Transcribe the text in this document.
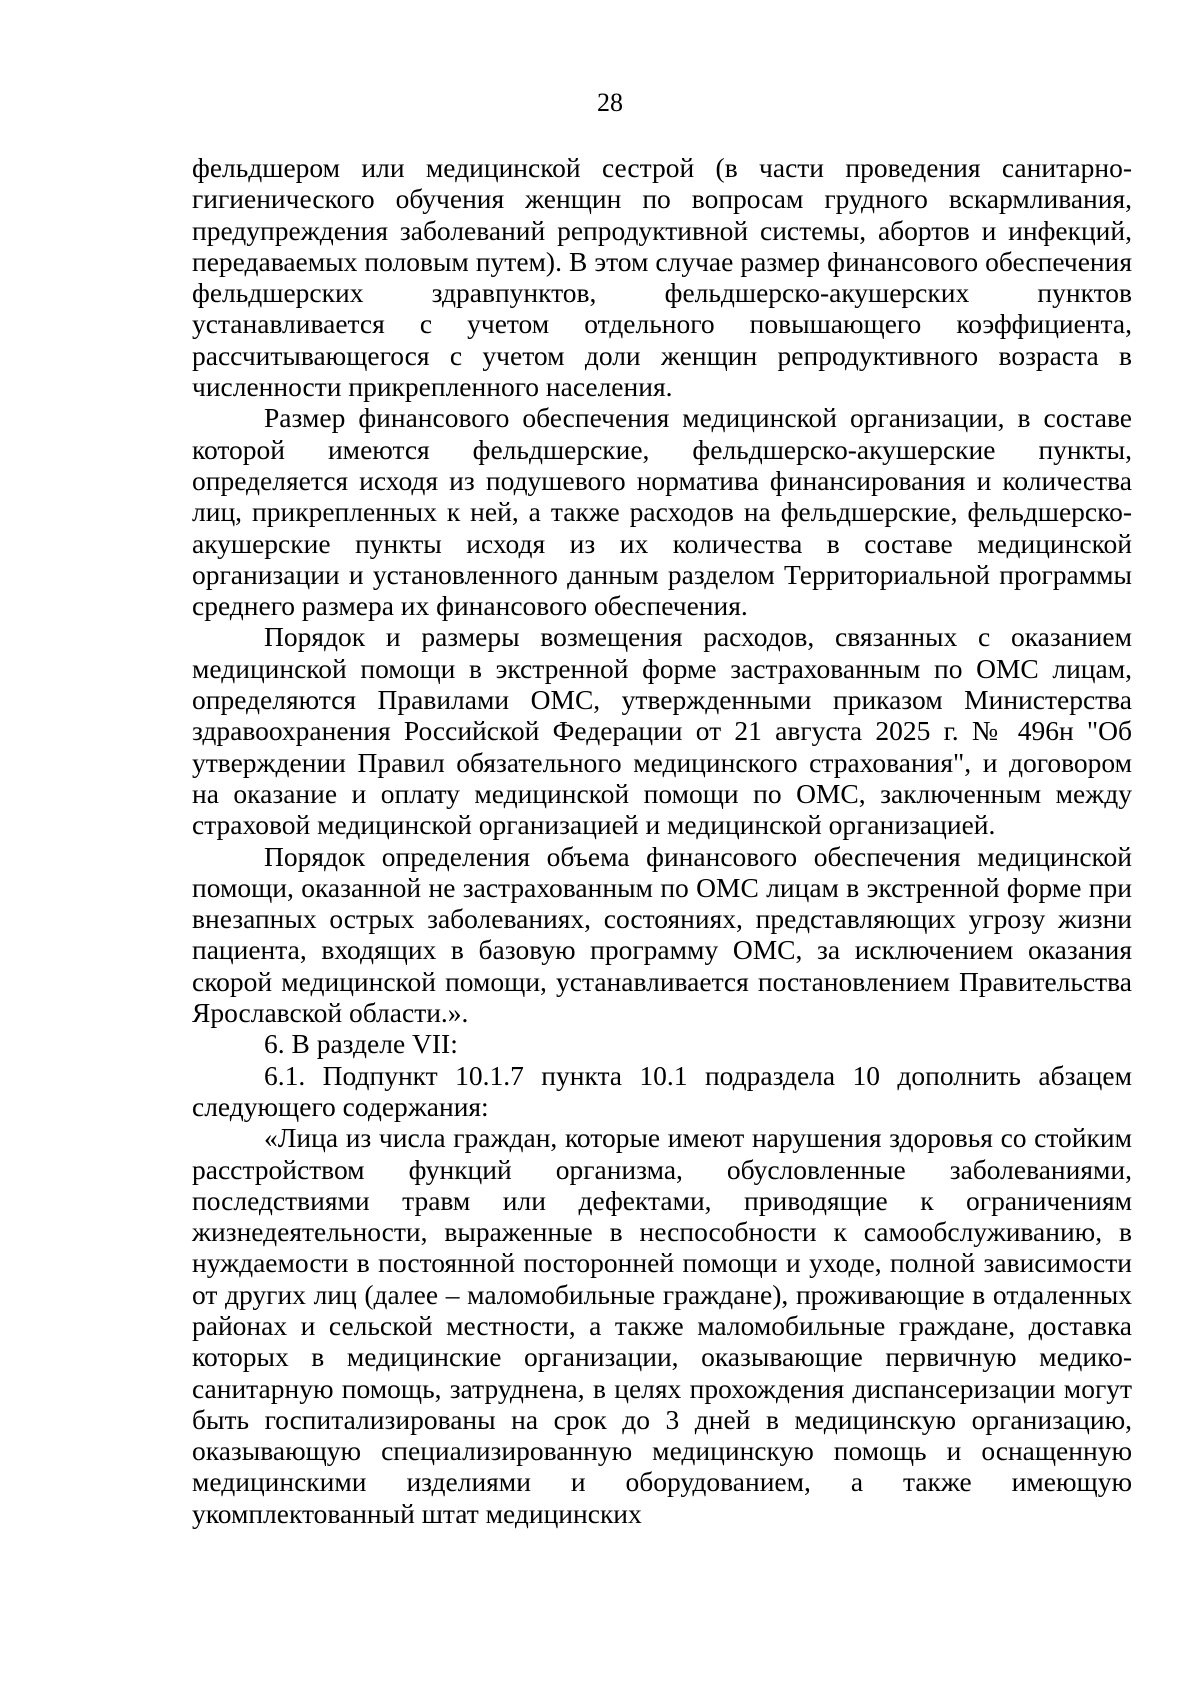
28

фельдшером или медицинской сестрой (в части проведения санитарно-гигиенического обучения женщин по вопросам грудного вскармливания, предупреждения заболеваний репродуктивной системы, абортов и инфекций, передаваемых половым путем). В этом случае размер финансового обеспечения фельдшерских здравпунктов, фельдшерско-акушерских пунктов устанавливается с учетом отдельного повышающего коэффициента, рассчитывающегося с учетом доли женщин репродуктивного возраста в численности прикрепленного населения.

Размер финансового обеспечения медицинской организации, в составе которой имеются фельдшерские, фельдшерско-акушерские пункты, определяется исходя из подушевого норматива финансирования и количества лиц, прикрепленных к ней, а также расходов на фельдшерские, фельдшерско-акушерские пункты исходя из их количества в составе медицинской организации и установленного данным разделом Территориальной программы среднего размера их финансового обеспечения.

Порядок и размеры возмещения расходов, связанных с оказанием медицинской помощи в экстренной форме застрахованным по ОМС лицам, определяются Правилами ОМС, утвержденными приказом Министерства здравоохранения Российской Федерации от 21 августа 2025 г. № 496н "Об утверждении Правил обязательного медицинского страхования", и договором на оказание и оплату медицинской помощи по ОМС, заключенным между страховой медицинской организацией и медицинской организацией.

Порядок определения объема финансового обеспечения медицинской помощи, оказанной не застрахованным по ОМС лицам в экстренной форме при внезапных острых заболеваниях, состояниях, представляющих угрозу жизни пациента, входящих в базовую программу ОМС, за исключением оказания скорой медицинской помощи, устанавливается постановлением Правительства Ярославской области.».

6. В разделе VII:

6.1. Подпункт 10.1.7 пункта 10.1 подраздела 10 дополнить абзацем следующего содержания:

«Лица из числа граждан, которые имеют нарушения здоровья со стойким расстройством функций организма, обусловленные заболеваниями, последствиями травм или дефектами, приводящие к ограничениям жизнедеятельности, выраженные в неспособности к самообслуживанию, в нуждаемости в постоянной посторонней помощи и уходе, полной зависимости от других лиц (далее – маломобильные граждане), проживающие в отдаленных районах и сельской местности, а также маломобильные граждане, доставка которых в медицинские организации, оказывающие первичную медико-санитарную помощь, затруднена, в целях прохождения диспансеризации могут быть госпитализированы на срок до 3 дней в медицинскую организацию, оказывающую специализированную медицинскую помощь и оснащенную медицинскими изделиями и оборудованием, а также имеющую укомплектованный штат медицинских
